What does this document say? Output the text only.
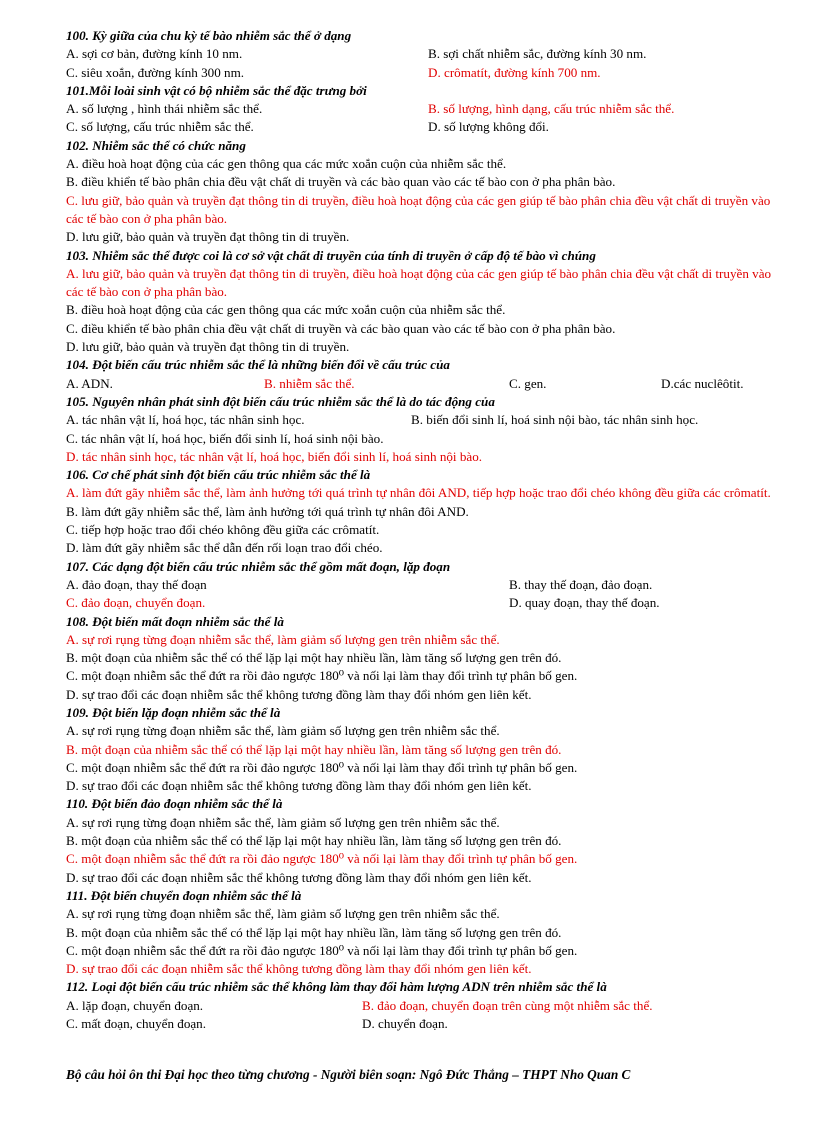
100. Kỳ giữa của chu kỳ tế bào nhiễm sắc thể ở dạng
A. sợi cơ bản, đường kính 10 nm.	B. sợi chất nhiễm sắc, đường kính 30 nm.
C. siêu xoắn, đường kính 300 nm.	D. crômatít, đường kính 700 nm.
101.Mỗi loài sinh vật có bộ nhiễm sắc thể đặc trưng bởi
A. số lượng , hình thái nhiễm sắc thể.	B. số lượng, hình dạng, cấu trúc nhiễm sắc thể.
C. số lượng, cấu trúc nhiễm sắc thể.	D. số lượng không đổi.
102. Nhiễm sắc thể có chức năng
A. điều hoà hoạt động của các gen thông qua các mức xoắn cuộn của nhiễm sắc thể.
B. điều khiển tế bào phân chia đều vật chất di truyền và các bào quan vào các tế bào con ở pha phân bào.
C. lưu giữ, bảo quản và truyền đạt thông tin di truyền, điều hoà hoạt động của các gen giúp tế bào phân chia đều vật chất di truyền vào các tế bào con ở pha phân bào.
D. lưu giữ, bảo quản và truyền đạt thông tin di truyền.
103. Nhiễm sắc thể được coi là cơ sở vật chất di truyền của tính di truyền ở cấp độ tế bào vì chúng
A. lưu giữ, bảo quản và truyền đạt thông tin di truyền, điều hoà hoạt động của các gen giúp tế bào phân chia đều vật chất di truyền vào các tế bào con ở pha phân bào.
B. điều hoà hoạt động của các gen thông qua các mức xoắn cuộn của nhiễm sắc thể.
C. điều khiển tế bào phân chia đều vật chất di truyền và các bào quan vào các tế bào con ở pha phân bào.
D. lưu giữ, bảo quản và truyền đạt thông tin di truyền.
104. Đột biến cấu trúc nhiễm sắc thể là những biến đổi về cấu trúc của
A. ADN.	B. nhiễm sắc thể.	C. gen.	D.các nuclêôtit.
105. Nguyên nhân phát sinh đột biến cấu trúc nhiễm sắc thể là do tác động của
A. tác nhân vật lí, hoá học, tác nhân sinh học.	B. biến đổi sinh lí, hoá sinh nội bào, tác nhân sinh học.
C. tác nhân vật lí, hoá học, biến đổi sinh lí, hoá sinh nội bào.
D. tác nhân sinh học, tác nhân vật lí, hoá học, biến đổi sinh lí, hoá sinh nội bào.
106. Cơ chế phát sinh đột biến cấu trúc nhiễm sắc thể là
A. làm đứt gãy nhiễm sắc thể, làm ảnh hưởng tới quá trình tự nhân đôi AND, tiếp hợp hoặc trao đổi chéo không đều giữa các crômatít.
B. làm đứt gãy nhiễm sắc thể, làm ảnh hưởng tới quá trình tự nhân đôi AND.
C. tiếp hợp hoặc trao đổi chéo không đều giữa các crômatít.
D. làm đứt gãy nhiễm sắc thể dẫn đến rối loạn trao đổi chéo.
107. Các dạng đột biến cấu trúc nhiễm sắc thể gồm mất đoạn, lặp đoạn
A. đảo đoạn, thay thế đoạn	B. thay thế đoạn, đảo đoạn.
C. đảo đoạn, chuyển đoạn.	D. quay đoạn, thay thế đoạn.
108. Đột biến mất đoạn nhiễm sắc thể là
A. sự rơi rụng từng đoạn nhiễm sắc thể, làm giảm số lượng gen trên nhiễm sắc thể.
B. một đoạn của nhiễm sắc thể có thể lặp lại một hay nhiều lần, làm tăng số lượng gen trên đó.
C. một đoạn nhiễm sắc thể đứt ra rồi đảo ngược 180⁰ và nối lại làm thay đổi trình tự phân bố gen.
D. sự trao đổi các đoạn nhiễm sắc thể không tương đồng làm thay đổi nhóm gen liên kết.
109. Đột biến lặp đoạn nhiễm sắc thể là
A. sự rơi rụng từng đoạn nhiễm sắc thể, làm giảm số lượng gen trên nhiễm sắc thể.
B. một đoạn của nhiễm sắc thể có thể lặp lại một hay nhiều lần, làm tăng số lượng gen trên đó.
C. một đoạn nhiễm sắc thể đứt ra rồi đảo ngược 180⁰ và nối lại làm thay đổi trình tự phân bố gen.
D. sự trao đổi các đoạn nhiễm sắc thể không tương đồng làm thay đổi nhóm gen liên kết.
110. Đột biến đảo đoạn nhiễm sắc thể là
A. sự rơi rụng từng đoạn nhiễm sắc thể, làm giảm số lượng gen trên nhiễm sắc thể.
B. một đoạn của nhiễm sắc thể có thể lặp lại một hay nhiều lần, làm tăng số lượng gen trên đó.
C. một đoạn nhiễm sắc thể đứt ra rồi đảo ngược 180⁰ và nối lại làm thay đổi trình tự phân bố gen.
D. sự trao đổi các đoạn nhiễm sắc thể không tương đồng làm thay đổi nhóm gen liên kết.
111. Đột biến chuyển đoạn nhiễm sắc thể là
A. sự rơi rụng từng đoạn nhiễm sắc thể, làm giảm số lượng gen trên nhiễm sắc thể.
B. một đoạn của nhiễm sắc thể có thể lặp lại một hay nhiều lần, làm tăng số lượng gen trên đó.
C. một đoạn nhiễm sắc thể đứt ra rồi đảo ngược 180⁰ và nối lại làm thay đổi trình tự phân bố gen.
D. sự trao đổi các đoạn nhiễm sắc thể không tương đồng làm thay đổi nhóm gen liên kết.
112. Loại đột biến cấu trúc nhiễm sắc thể không làm thay đổi hàm lượng ADN trên nhiễm sắc thể là
A. lặp đoạn, chuyển đoạn.	B. đảo đoạn, chuyển đoạn trên cùng một nhiễm sắc thể.
C. mất đoạn, chuyển đoạn.	D. chuyển đoạn.
Bộ câu hỏi ôn thi Đại học theo từng chương - Người biên soạn: Ngô Đức Thắng – THPT Nho Quan C
